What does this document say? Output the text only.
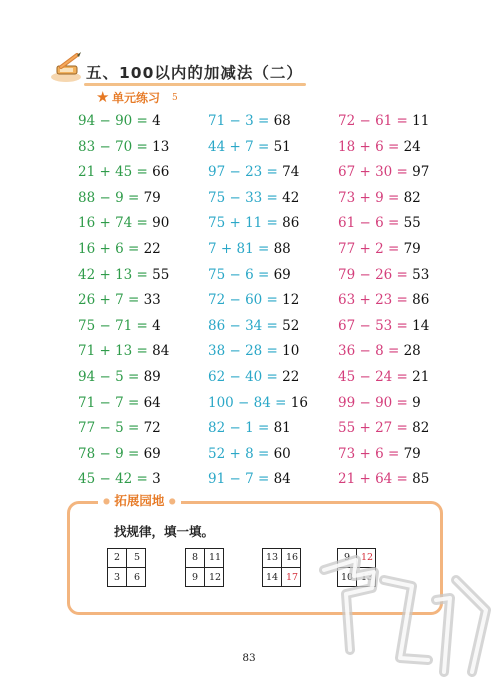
五、100以内的加减法（二）
★ 单元练习 5
94 − 90 = 4
83 − 70 = 13
21 + 45 = 66
88 − 9 = 79
16 + 74 = 90
16 + 6 = 22
42 + 13 = 55
26 + 7 = 33
75 − 71 = 4
71 + 13 = 84
94 − 5 = 89
71 − 7 = 64
77 − 5 = 72
78 − 9 = 69
45 − 42 = 3
71 − 3 = 68
44 + 7 = 51
97 − 23 = 74
75 − 33 = 42
75 + 11 = 86
7 + 81 = 88
75 − 6 = 69
72 − 60 = 12
86 − 34 = 52
38 − 28 = 10
62 − 40 = 22
100 − 84 = 16
82 − 1 = 81
52 + 8 = 60
91 − 7 = 84
72 − 61 = 11
18 + 6 = 24
67 + 30 = 97
73 + 9 = 82
61 − 6 = 55
77 + 2 = 79
79 − 26 = 53
63 + 23 = 86
67 − 53 = 14
36 − 8 = 28
45 − 24 = 21
99 − 90 = 9
55 + 27 = 82
73 + 6 = 79
21 + 64 = 85
● 拓展园地 ●
找规律，填一填。
2	5
3	6
8	11
9	12
13 16
14 17
9	12
10 13
83
